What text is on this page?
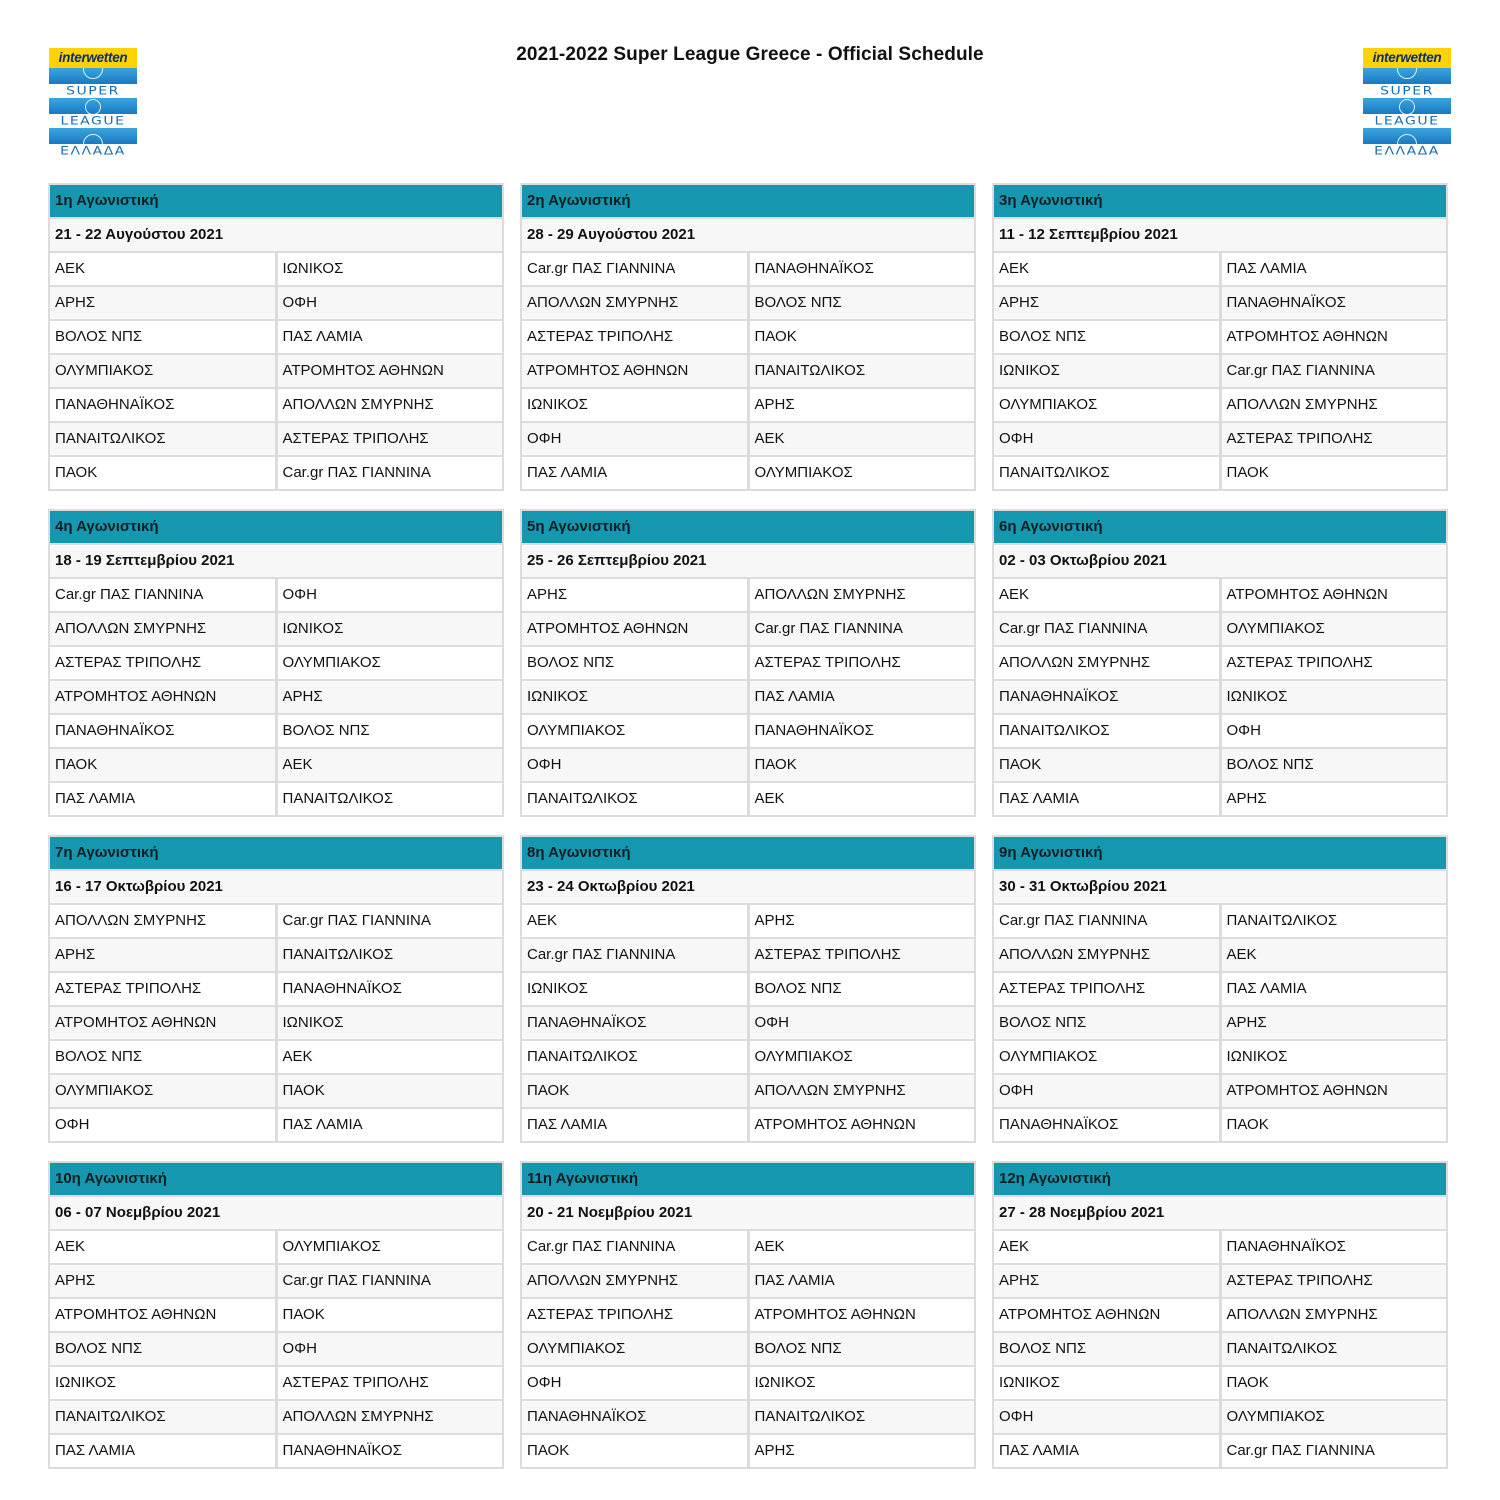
interwetten
SUPER
LEAGUE
ΕΛΛΑΔΑ
2021-2022 Super League Greece - Official Schedule	interwetten
SUPER
LEAGUE
ΕΛΛΑΔΑ
1η Αγωνιστική
21 - 22 Αυγούστου 2021
ΑΕΚ	ΙΩΝΙΚΟΣ
ΑΡΗΣ	ΟΦΗ
ΒΟΛΟΣ ΝΠΣ	ΠΑΣ ΛΑΜΙΑ
ΟΛΥΜΠΙΑΚΟΣ	ΑΤΡΟΜΗΤΟΣ ΑΘΗΝΩΝ
ΠΑΝΑΘΗΝΑΪΚΟΣ	ΑΠΟΛΛΩΝ ΣΜΥΡΝΗΣ
ΠΑΝΑΙΤΩΛΙΚΟΣ	ΑΣΤΕΡΑΣ ΤΡΙΠΟΛΗΣ
ΠΑΟΚ	Car.gr ΠΑΣ ΓΙΑΝΝΙΝΑ
2η Αγωνιστική
28 - 29 Αυγούστου 2021
Car.gr ΠΑΣ ΓΙΑΝΝΙΝΑ	ΠΑΝΑΘΗΝΑΪΚΟΣ
ΑΠΟΛΛΩΝ ΣΜΥΡΝΗΣ	ΒΟΛΟΣ ΝΠΣ
ΑΣΤΕΡΑΣ ΤΡΙΠΟΛΗΣ	ΠΑΟΚ
ΑΤΡΟΜΗΤΟΣ ΑΘΗΝΩΝ	ΠΑΝΑΙΤΩΛΙΚΟΣ
ΙΩΝΙΚΟΣ	ΑΡΗΣ
ΟΦΗ	ΑΕΚ
ΠΑΣ ΛΑΜΙΑ	ΟΛΥΜΠΙΑΚΟΣ
3η Αγωνιστική
11 - 12 Σεπτεμβρίου 2021
ΑΕΚ	ΠΑΣ ΛΑΜΙΑ
ΑΡΗΣ	ΠΑΝΑΘΗΝΑΪΚΟΣ
ΒΟΛΟΣ ΝΠΣ	ΑΤΡΟΜΗΤΟΣ ΑΘΗΝΩΝ
ΙΩΝΙΚΟΣ	Car.gr ΠΑΣ ΓΙΑΝΝΙΝΑ
ΟΛΥΜΠΙΑΚΟΣ	ΑΠΟΛΛΩΝ ΣΜΥΡΝΗΣ
ΟΦΗ	ΑΣΤΕΡΑΣ ΤΡΙΠΟΛΗΣ
ΠΑΝΑΙΤΩΛΙΚΟΣ	ΠΑΟΚ
4η Αγωνιστική
18 - 19 Σεπτεμβρίου 2021
Car.gr ΠΑΣ ΓΙΑΝΝΙΝΑ	ΟΦΗ
ΑΠΟΛΛΩΝ ΣΜΥΡΝΗΣ	ΙΩΝΙΚΟΣ
ΑΣΤΕΡΑΣ ΤΡΙΠΟΛΗΣ	ΟΛΥΜΠΙΑΚΟΣ
ΑΤΡΟΜΗΤΟΣ ΑΘΗΝΩΝ	ΑΡΗΣ
ΠΑΝΑΘΗΝΑΪΚΟΣ	ΒΟΛΟΣ ΝΠΣ
ΠΑΟΚ	ΑΕΚ
ΠΑΣ ΛΑΜΙΑ	ΠΑΝΑΙΤΩΛΙΚΟΣ
5η Αγωνιστική
25 - 26 Σεπτεμβρίου 2021
ΑΡΗΣ	ΑΠΟΛΛΩΝ ΣΜΥΡΝΗΣ
ΑΤΡΟΜΗΤΟΣ ΑΘΗΝΩΝ	Car.gr ΠΑΣ ΓΙΑΝΝΙΝΑ
ΒΟΛΟΣ ΝΠΣ	ΑΣΤΕΡΑΣ ΤΡΙΠΟΛΗΣ
ΙΩΝΙΚΟΣ	ΠΑΣ ΛΑΜΙΑ
ΟΛΥΜΠΙΑΚΟΣ	ΠΑΝΑΘΗΝΑΪΚΟΣ
ΟΦΗ	ΠΑΟΚ
ΠΑΝΑΙΤΩΛΙΚΟΣ	ΑΕΚ
6η Αγωνιστική
02 - 03 Οκτωβρίου 2021
ΑΕΚ	ΑΤΡΟΜΗΤΟΣ ΑΘΗΝΩΝ
Car.gr ΠΑΣ ΓΙΑΝΝΙΝΑ	ΟΛΥΜΠΙΑΚΟΣ
ΑΠΟΛΛΩΝ ΣΜΥΡΝΗΣ	ΑΣΤΕΡΑΣ ΤΡΙΠΟΛΗΣ
ΠΑΝΑΘΗΝΑΪΚΟΣ	ΙΩΝΙΚΟΣ
ΠΑΝΑΙΤΩΛΙΚΟΣ	ΟΦΗ
ΠΑΟΚ	ΒΟΛΟΣ ΝΠΣ
ΠΑΣ ΛΑΜΙΑ	ΑΡΗΣ
7η Αγωνιστική
16 - 17 Οκτωβρίου 2021
ΑΠΟΛΛΩΝ ΣΜΥΡΝΗΣ	Car.gr ΠΑΣ ΓΙΑΝΝΙΝΑ
ΑΡΗΣ	ΠΑΝΑΙΤΩΛΙΚΟΣ
ΑΣΤΕΡΑΣ ΤΡΙΠΟΛΗΣ	ΠΑΝΑΘΗΝΑΪΚΟΣ
ΑΤΡΟΜΗΤΟΣ ΑΘΗΝΩΝ	ΙΩΝΙΚΟΣ
ΒΟΛΟΣ ΝΠΣ	ΑΕΚ
ΟΛΥΜΠΙΑΚΟΣ	ΠΑΟΚ
ΟΦΗ	ΠΑΣ ΛΑΜΙΑ
8η Αγωνιστική
23 - 24 Οκτωβρίου 2021
ΑΕΚ	ΑΡΗΣ
Car.gr ΠΑΣ ΓΙΑΝΝΙΝΑ	ΑΣΤΕΡΑΣ ΤΡΙΠΟΛΗΣ
ΙΩΝΙΚΟΣ	ΒΟΛΟΣ ΝΠΣ
ΠΑΝΑΘΗΝΑΪΚΟΣ	ΟΦΗ
ΠΑΝΑΙΤΩΛΙΚΟΣ	ΟΛΥΜΠΙΑΚΟΣ
ΠΑΟΚ	ΑΠΟΛΛΩΝ ΣΜΥΡΝΗΣ
ΠΑΣ ΛΑΜΙΑ	ΑΤΡΟΜΗΤΟΣ ΑΘΗΝΩΝ
9η Αγωνιστική
30 - 31 Οκτωβρίου 2021
Car.gr ΠΑΣ ΓΙΑΝΝΙΝΑ	ΠΑΝΑΙΤΩΛΙΚΟΣ
ΑΠΟΛΛΩΝ ΣΜΥΡΝΗΣ	ΑΕΚ
ΑΣΤΕΡΑΣ ΤΡΙΠΟΛΗΣ	ΠΑΣ ΛΑΜΙΑ
ΒΟΛΟΣ ΝΠΣ	ΑΡΗΣ
ΟΛΥΜΠΙΑΚΟΣ	ΙΩΝΙΚΟΣ
ΟΦΗ	ΑΤΡΟΜΗΤΟΣ ΑΘΗΝΩΝ
ΠΑΝΑΘΗΝΑΪΚΟΣ	ΠΑΟΚ
10η Αγωνιστική
06 - 07 Νοεμβρίου 2021
ΑΕΚ	ΟΛΥΜΠΙΑΚΟΣ
ΑΡΗΣ	Car.gr ΠΑΣ ΓΙΑΝΝΙΝΑ
ΑΤΡΟΜΗΤΟΣ ΑΘΗΝΩΝ	ΠΑΟΚ
ΒΟΛΟΣ ΝΠΣ	ΟΦΗ
ΙΩΝΙΚΟΣ	ΑΣΤΕΡΑΣ ΤΡΙΠΟΛΗΣ
ΠΑΝΑΙΤΩΛΙΚΟΣ	ΑΠΟΛΛΩΝ ΣΜΥΡΝΗΣ
ΠΑΣ ΛΑΜΙΑ	ΠΑΝΑΘΗΝΑΪΚΟΣ
11η Αγωνιστική
20 - 21 Νοεμβρίου 2021
Car.gr ΠΑΣ ΓΙΑΝΝΙΝΑ	ΑΕΚ
ΑΠΟΛΛΩΝ ΣΜΥΡΝΗΣ	ΠΑΣ ΛΑΜΙΑ
ΑΣΤΕΡΑΣ ΤΡΙΠΟΛΗΣ	ΑΤΡΟΜΗΤΟΣ ΑΘΗΝΩΝ
ΟΛΥΜΠΙΑΚΟΣ	ΒΟΛΟΣ ΝΠΣ
ΟΦΗ	ΙΩΝΙΚΟΣ
ΠΑΝΑΘΗΝΑΪΚΟΣ	ΠΑΝΑΙΤΩΛΙΚΟΣ
ΠΑΟΚ	ΑΡΗΣ
12η Αγωνιστική
27 - 28 Νοεμβρίου 2021
ΑΕΚ	ΠΑΝΑΘΗΝΑΪΚΟΣ
ΑΡΗΣ	ΑΣΤΕΡΑΣ ΤΡΙΠΟΛΗΣ
ΑΤΡΟΜΗΤΟΣ ΑΘΗΝΩΝ	ΑΠΟΛΛΩΝ ΣΜΥΡΝΗΣ
ΒΟΛΟΣ ΝΠΣ	ΠΑΝΑΙΤΩΛΙΚΟΣ
ΙΩΝΙΚΟΣ	ΠΑΟΚ
ΟΦΗ	ΟΛΥΜΠΙΑΚΟΣ
ΠΑΣ ΛΑΜΙΑ	Car.gr ΠΑΣ ΓΙΑΝΝΙΝΑ
